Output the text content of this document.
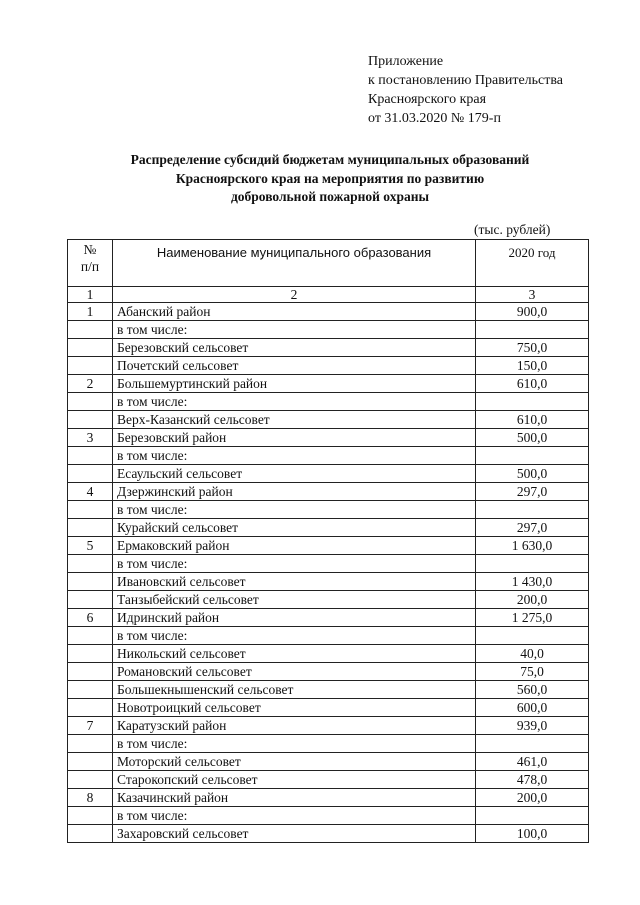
Приложение
к постановлению Правительства
Красноярского края
от 31.03.2020 № 179-п
Распределение субсидий бюджетам муниципальных образований
Красноярского края на мероприятия по развитию
добровольной пожарной охраны
(тыс. рублей)
№
п/п	Наименование муниципального образования	2020 год
1	2	3
1	Абанский район	900,0
	в том числе:	
	Березовский сельсовет	750,0
	Почетский сельсовет	150,0
2	Большемуртинский район	610,0
	в том числе:	
	Верх-Казанский сельсовет	610,0
3	Березовский район	500,0
	в том числе:	
	Есаульский сельсовет	500,0
4	Дзержинский район	297,0
	в том числе:	
	Курайский сельсовет	297,0
5	Ермаковский район	1 630,0
	в том числе:	
	Ивановский сельсовет	1 430,0
	Танзыбейский сельсовет	200,0
6	Идринский район	1 275,0
	в том числе:	
	Никольский сельсовет	40,0
	Романовский сельсовет	75,0
	Большекнышенский сельсовет	560,0
	Новотроицкий сельсовет	600,0
7	Каратузский район	939,0
	в том числе:	
	Моторский сельсовет	461,0
	Старокопский сельсовет	478,0
8	Казачинский район	200,0
	в том числе:	
	Захаровский сельсовет	100,0
